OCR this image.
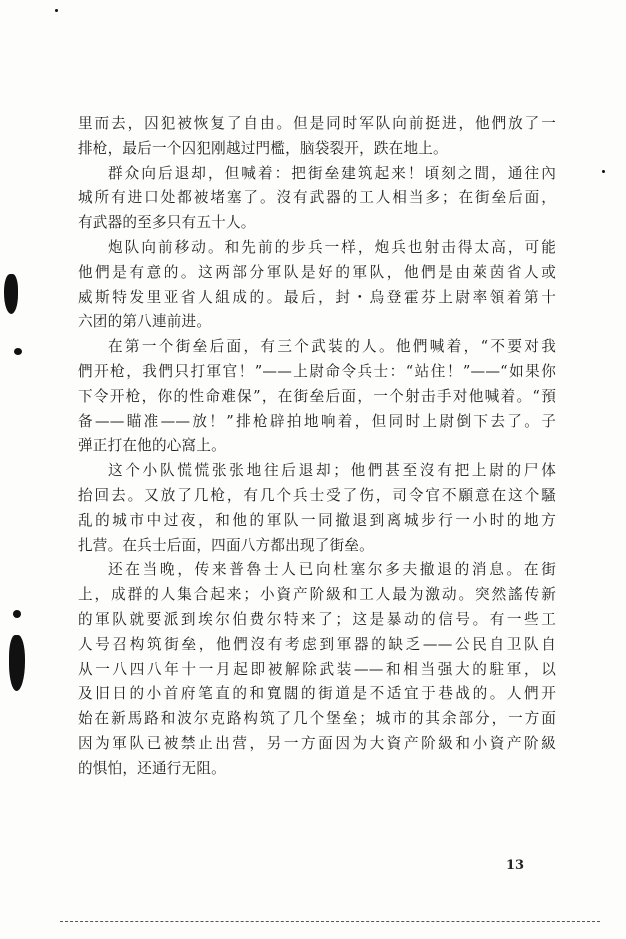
里而去，囚犯被恢复了自由。但是同时军队向前挺进，他們放了一
排枪，最后一个囚犯刚越过門檻，脑袋裂开，跌在地上。
群众向后退却，但喊着：把街垒建筑起来！頃刻之間，通往內
城所有进口处都被堵塞了。沒有武器的工人相当多；在街垒后面，
有武器的至多只有五十人。
炮队向前移动。和先前的步兵一样，炮兵也射击得太高，可能
他們是有意的。这两部分軍队是好的軍队，他們是由萊茵省人或
威斯特发里亚省人組成的。最后，封・烏登霍芬上尉率領着第十
六团的第八連前进。
在第一个街垒后面，有三个武装的人。他們喊着，“不要对我
們开枪，我們只打軍官！”——上尉命令兵士：“站住！”——“如果你
下令开枪，你的性命难保”，在街垒后面，一个射击手对他喊着。“預
备——瞄准——放！”排枪辟拍地响着，但同时上尉倒下去了。子
弹正打在他的心窩上。
这个小队慌慌张张地往后退却；他們甚至沒有把上尉的尸体
抬回去。又放了几枪，有几个兵士受了伤，司令官不願意在这个騷
乱的城市中过夜，和他的軍队一同撤退到离城步行一小时的地方
扎营。在兵士后面，四面八方都出现了街垒。
还在当晚，传来普魯士人已向杜塞尔多夫撤退的消息。在街
上，成群的人集合起来；小資产阶級和工人最为激动。突然謠传新
的軍队就要派到埃尔伯费尔特来了；这是暴动的信号。有一些工
人号召构筑街垒，他們沒有考虑到軍器的缺乏——公民自卫队自
从一八四八年十一月起即被解除武装——和相当强大的駐軍，以
及旧日的小首府笔直的和寬闊的街道是不适宜于巷战的。人們开
始在新馬路和波尔克路构筑了几个堡垒；城市的其余部分，一方面
因为軍队已被禁止出营，另一方面因为大資产阶級和小資产阶級
的惧怕，还通行无阻。
13
